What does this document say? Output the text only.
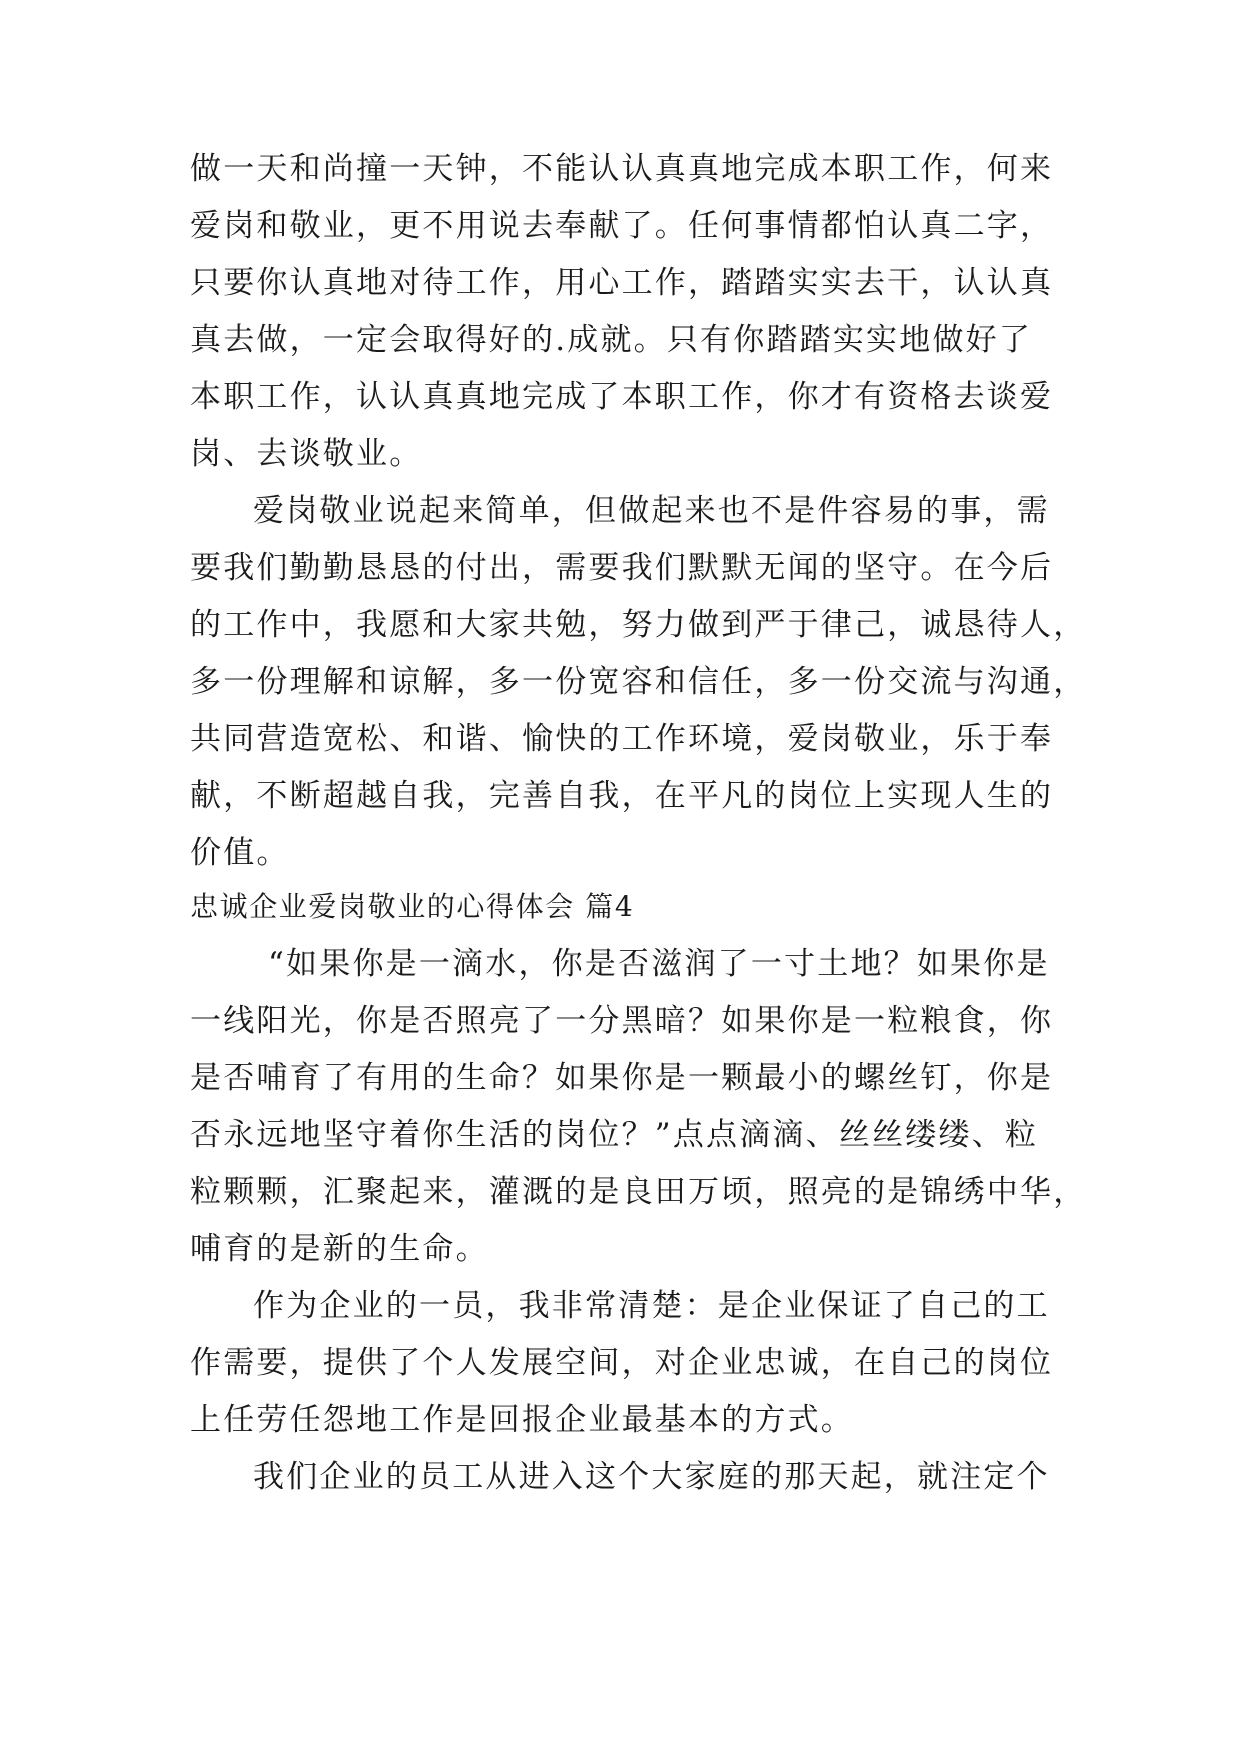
做一天和尚撞一天钟，不能认认真真地完成本职工作，何来
爱岗和敬业，更不用说去奉献了。任何事情都怕认真二字，
只要你认真地对待工作，用心工作，踏踏实实去干，认认真
真去做，一定会取得好的.成就。只有你踏踏实实地做好了
本职工作，认认真真地完成了本职工作，你才有资格去谈爱
岗、去谈敬业。
爱岗敬业说起来简单，但做起来也不是件容易的事，需
要我们勤勤恳恳的付出，需要我们默默无闻的坚守。在今后
的工作中，我愿和大家共勉，努力做到严于律己，诚恳待人，
多一份理解和谅解，多一份宽容和信任，多一份交流与沟通，
共同营造宽松、和谐、愉快的工作环境，爱岗敬业，乐于奉
献，不断超越自我，完善自我，在平凡的岗位上实现人生的
价值。
忠诚企业爱岗敬业的心得体会 篇4
“如果你是一滴水，你是否滋润了一寸土地？如果你是
一线阳光，你是否照亮了一分黑暗？如果你是一粒粮食，你
是否哺育了有用的生命？如果你是一颗最小的螺丝钉，你是
否永远地坚守着你生活的岗位？”点点滴滴、丝丝缕缕、粒
粒颗颗，汇聚起来，灌溉的是良田万顷，照亮的是锦绣中华，
哺育的是新的生命。
作为企业的一员，我非常清楚：是企业保证了自己的工
作需要，提供了个人发展空间，对企业忠诚，在自己的岗位
上任劳任怨地工作是回报企业最基本的方式。
我们企业的员工从进入这个大家庭的那天起，就注定个
